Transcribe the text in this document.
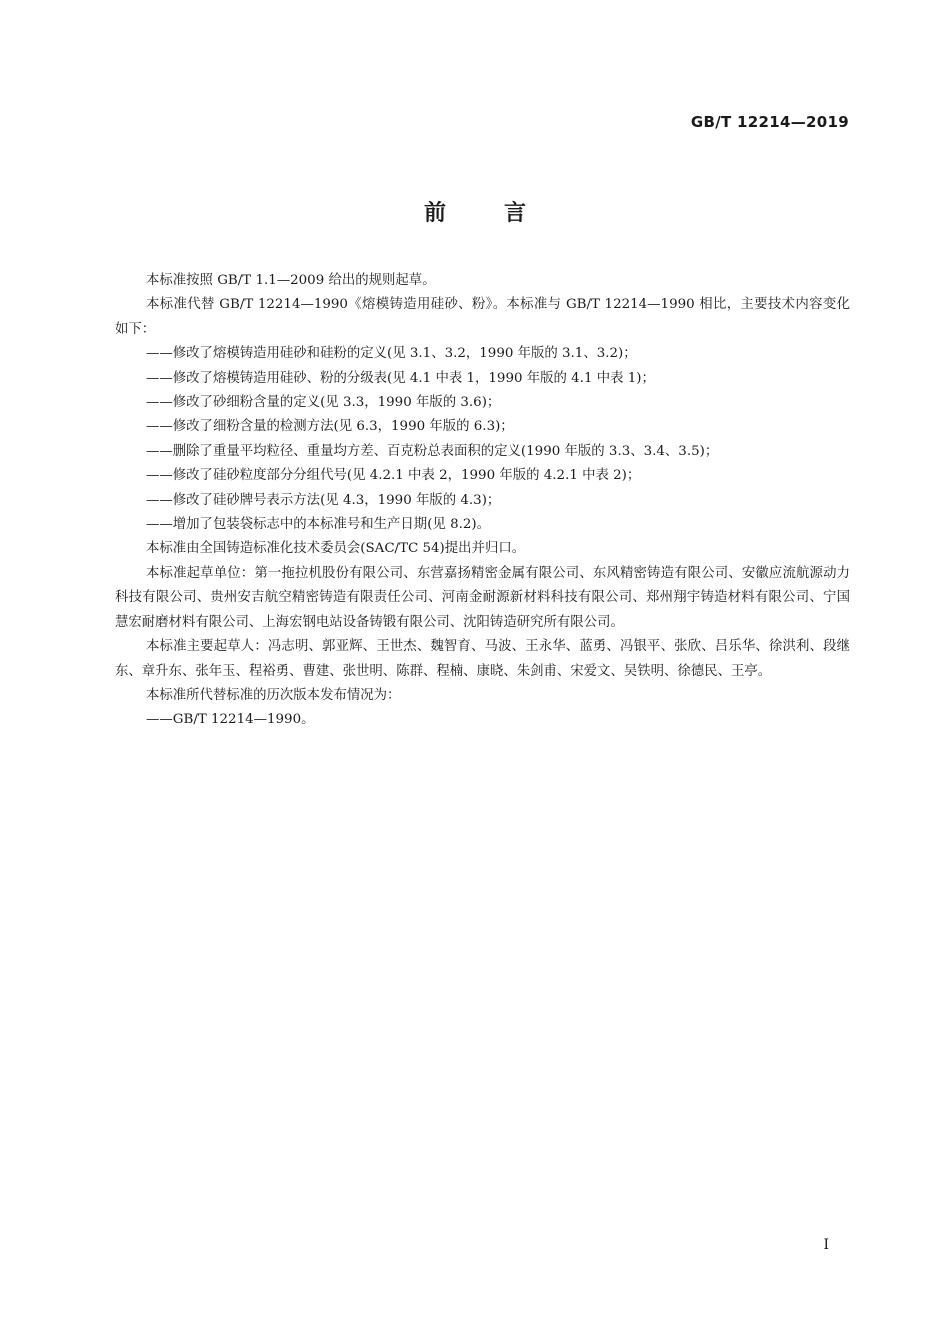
GB/T 12214—2019
前	言

本标准按照 GB/T 1.1—2009 给出的规则起草。

本标准代替 GB/T 12214—1990《熔模铸造用硅砂、粉》。本标准与 GB/T 12214—1990 相比，主要技术内容变化如下：

——修改了熔模铸造用硅砂和硅粉的定义(见 3.1、3.2，1990 年版的 3.1、3.2)；

——修改了熔模铸造用硅砂、粉的分级表(见 4.1 中表 1，1990 年版的 4.1 中表 1)；

——修改了砂细粉含量的定义(见 3.3，1990 年版的 3.6)；

——修改了细粉含量的检测方法(见 6.3，1990 年版的 6.3)；

——删除了重量平均粒径、重量均方差、百克粉总表面积的定义(1990 年版的 3.3、3.4、3.5)；

——修改了硅砂粒度部分分组代号(见 4.2.1 中表 2，1990 年版的 4.2.1 中表 2)；

——修改了硅砂牌号表示方法(见 4.3，1990 年版的 4.3)；

——增加了包装袋标志中的本标准号和生产日期(见 8.2)。

本标准由全国铸造标准化技术委员会(SAC/TC 54)提出并归口。

本标准起草单位：第一拖拉机股份有限公司、东营嘉扬精密金属有限公司、东风精密铸造有限公司、安徽应流航源动力科技有限公司、贵州安吉航空精密铸造有限责任公司、河南金耐源新材料科技有限公司、郑州翔宇铸造材料有限公司、宁国慧宏耐磨材料有限公司、上海宏钢电站设备铸锻有限公司、沈阳铸造研究所有限公司。

本标准主要起草人：冯志明、郭亚辉、王世杰、魏智育、马波、王永华、蓝勇、冯银平、张欣、吕乐华、徐洪利、段继东、章升东、张年玉、程裕勇、曹建、张世明、陈群、程楠、康晓、朱剑甫、宋爱文、吴铁明、徐德民、王亭。

本标准所代替标准的历次版本发布情况为：

——GB/T 12214—1990。

I
